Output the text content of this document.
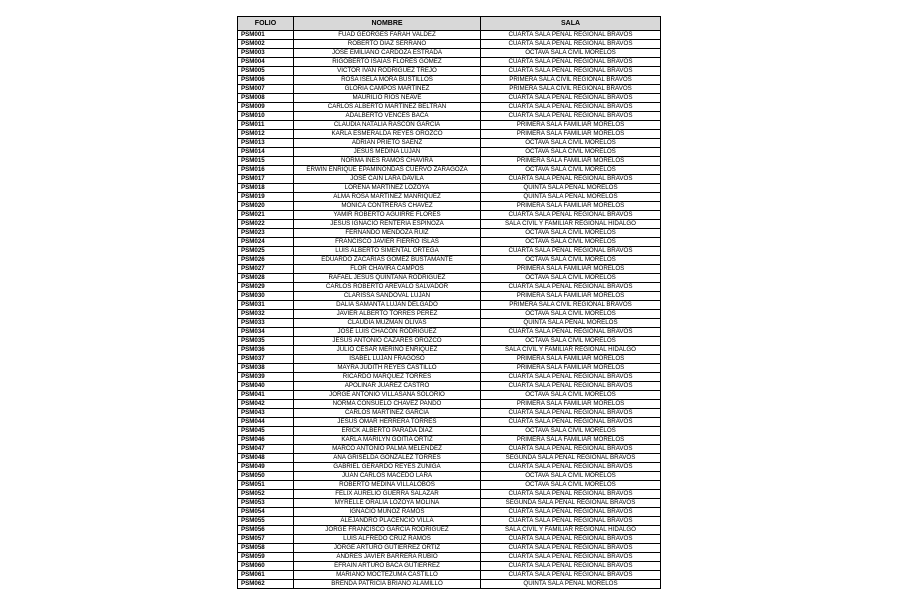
FOLIO	NOMBRE	SALA
PSM001	FUAD GEORGES FARAH VALDEZ	CUARTA SALA PENAL REGIONAL BRAVOS
PSM002	ROBERTO DIAZ SERRANO	CUARTA SALA PENAL REGIONAL BRAVOS
PSM003	JOSE EMILIANO CARDOZA ESTRADA	OCTAVA SALA CIVIL MORELOS
PSM004	RIGOBERTO ISAIAS FLORES GOMEZ	CUARTA SALA PENAL REGIONAL BRAVOS
PSM005	VICTOR IVAN RODRIGUEZ TREJO	CUARTA SALA PENAL REGIONAL BRAVOS
PSM006	ROSA ISELA MORA BUSTILLOS	PRIMERA SALA CIVIL REGIONAL BRAVOS
PSM007	GLORIA CAMPOS MARTINEZ	PRIMERA SALA CIVIL REGIONAL BRAVOS
PSM008	MAURILIO RIOS NEAVE	CUARTA SALA PENAL REGIONAL BRAVOS
PSM009	CARLOS ALBERTO MARTÍNEZ BELTRAN	CUARTA SALA PENAL REGIONAL BRAVOS
PSM010	ADALBERTO VENCES BACA	CUARTA SALA PENAL REGIONAL BRAVOS
PSM011	CLAUDIA NATALIA RASCÓN GARCÍA	PRIMERA SALA FAMILIAR MORELOS
PSM012	KARLA ESMERALDA REYES OROZCO	PRIMERA SALA FAMILIAR MORELOS
PSM013	ADRIAN PRIETO SAENZ	OCTAVA SALA CIVIL MORELOS
PSM014	JESUS MEDINA LUJAN	OCTAVA SALA CIVIL MORELOS
PSM015	NORMA INES RAMOS CHAVIRA	PRIMERA SALA FAMILIAR MORELOS
PSM016	ERWIN ENRIQUE EPAMINONDAS CUERVO ZARAGOZA	OCTAVA SALA CIVIL MORELOS
PSM017	JOSÉ CAIN LARA DAVILA	CUARTA SALA PENAL REGIONAL BRAVOS
PSM018	LORENA MARTINEZ LOZOYA	QUINTA SALA PENAL MORELOS
PSM019	ALMA ROSA MARTINEZ MANRIQUEZ	QUINTA SALA PENAL MORELOS
PSM020	MONICA CONTRERAS CHAVEZ	PRIMERA SALA FAMILIAR MORELOS
PSM021	YAMIR ROBERTO AGUIRRE FLORES	CUARTA SALA PENAL REGIONAL BRAVOS
PSM022	JESUS IGNACIO RENTERIA ESPINOZA	SALA CIVIL Y FAMILIAR REGIONAL HIDALGO
PSM023	FERNANDO MENDOZA RUIZ	OCTAVA SALA CIVIL MORELOS
PSM024	FRANCISCO JAVIER FIERRO ISLAS	OCTAVA SALA CIVIL MORELOS
PSM025	LUIS ALBERTO SIMENTAL ORTEGA	CUARTA SALA PENAL REGIONAL BRAVOS
PSM026	EDUARDO ZACARIAS GOMEZ BUSTAMANTE	OCTAVA SALA CIVIL MORELOS
PSM027	FLOR CHAVIRA CAMPOS	PRIMERA SALA FAMILIAR MORELOS
PSM028	RAFAEL JESUS QUINTANA RODRIGUEZ	OCTAVA SALA CIVIL MORELOS
PSM029	CARLOS ROBERTO AREVALO SALVADOR	CUARTA SALA PENAL REGIONAL BRAVOS
PSM030	CLARISSA SANDOVAL LUJAN	PRIMERA SALA FAMILIAR MORELOS
PSM031	DALIA SAMANTA LUJAN DELGADO	PRIMERA SALA CIVIL REGIONAL BRAVOS
PSM032	JAVIER ALBERTO TORRES PEREZ	OCTAVA SALA CIVIL MORELOS
PSM033	CLAUDIA MUZMAN OLIVAS	QUINTA SALA PENAL MORELOS
PSM034	JOSÉ LUIS CHACÓN RODRIGUEZ	CUARTA SALA PENAL REGIONAL BRAVOS
PSM035	JESUS ANTONIO CAZARES OROZCO	OCTAVA SALA CIVIL MORELOS
PSM036	JULIO CESAR MERINO ENRIQUEZ	SALA CIVIL Y FAMILIAR REGIONAL HIDALGO
PSM037	ISABEL LUJAN FRAGOSO	PRIMERA SALA FAMILIAR MORELOS
PSM038	MAYRA JUDITH REYES CASTILLO	PRIMERA SALA FAMILIAR MORELOS
PSM039	RICARDO MARQUEZ TORRES	CUARTA SALA PENAL REGIONAL BRAVOS
PSM040	APOLINAR JUAREZ CASTRO	CUARTA SALA PENAL REGIONAL BRAVOS
PSM041	JORGE ANTONIO VILLASANA SOLORIO	OCTAVA SALA CIVIL MORELOS
PSM042	NORMA CONSUELO CHAVEZ PANDO	PRIMERA SALA FAMILIAR MORELOS
PSM043	CARLOS MARTINEZ GARCIA	CUARTA SALA PENAL REGIONAL BRAVOS
PSM044	JESUS OMAR HERRERA TORRES	CUARTA SALA PENAL REGIONAL BRAVOS
PSM045	ERICK ALBERTO PARADA DÍAZ	OCTAVA SALA CIVIL MORELOS
PSM046	KARLA MARILYN GOITIA ORTIZ	PRIMERA SALA FAMILIAR MORELOS
PSM047	MARCO ANTONIO PALMA MELENDEZ	CUARTA SALA PENAL REGIONAL BRAVOS
PSM048	ANA GRISELDA GONZALEZ TORRES	SEGUNDA SALA PENAL REGIONAL BRAVOS
PSM049	GABRIEL GERARDO REYES ZUÑIGA	CUARTA SALA PENAL REGIONAL BRAVOS
PSM050	JUAN CARLOS MACEDO LARA	OCTAVA SALA CIVIL MORELOS
PSM051	ROBERTO MEDINA VILLALOBOS	OCTAVA SALA CIVIL MORELOS
PSM052	FELIX AURELIO GUERRA SALAZAR	CUARTA SALA PENAL REGIONAL BRAVOS
PSM053	MYRELLE ORALIA LOZOYA MOLINA	SEGUNDA SALA PENAL REGIONAL BRAVOS
PSM054	IGNACIO MUÑOZ RAMOS	CUARTA SALA PENAL REGIONAL BRAVOS
PSM055	ALEJANDRO PLACENCIO VILLA	CUARTA SALA PENAL REGIONAL BRAVOS
PSM056	JORGE FRANCISCO GARCIA RODRIGUEZ	SALA CIVIL Y FAMILIAR REGIONAL HIDALGO
PSM057	LUIS ALFREDO CRUZ RAMOS	CUARTA SALA PENAL REGIONAL BRAVOS
PSM058	JORGE ARTURO GUTIERREZ ORTIZ	CUARTA SALA PENAL REGIONAL BRAVOS
PSM059	ANDRES JAVIER BARRERA RUBIO	CUARTA SALA PENAL REGIONAL BRAVOS
PSM060	EFRAIN ARTURO BACA GUTIERREZ	CUARTA SALA PENAL REGIONAL BRAVOS
PSM061	MARIANO MOCTEZUMA CASTILLO	CUARTA SALA PENAL REGIONAL BRAVOS
PSM062	BRENDA PATRICIA BRIANO ALAMILLO	QUINTA SALA PENAL MORELOS
